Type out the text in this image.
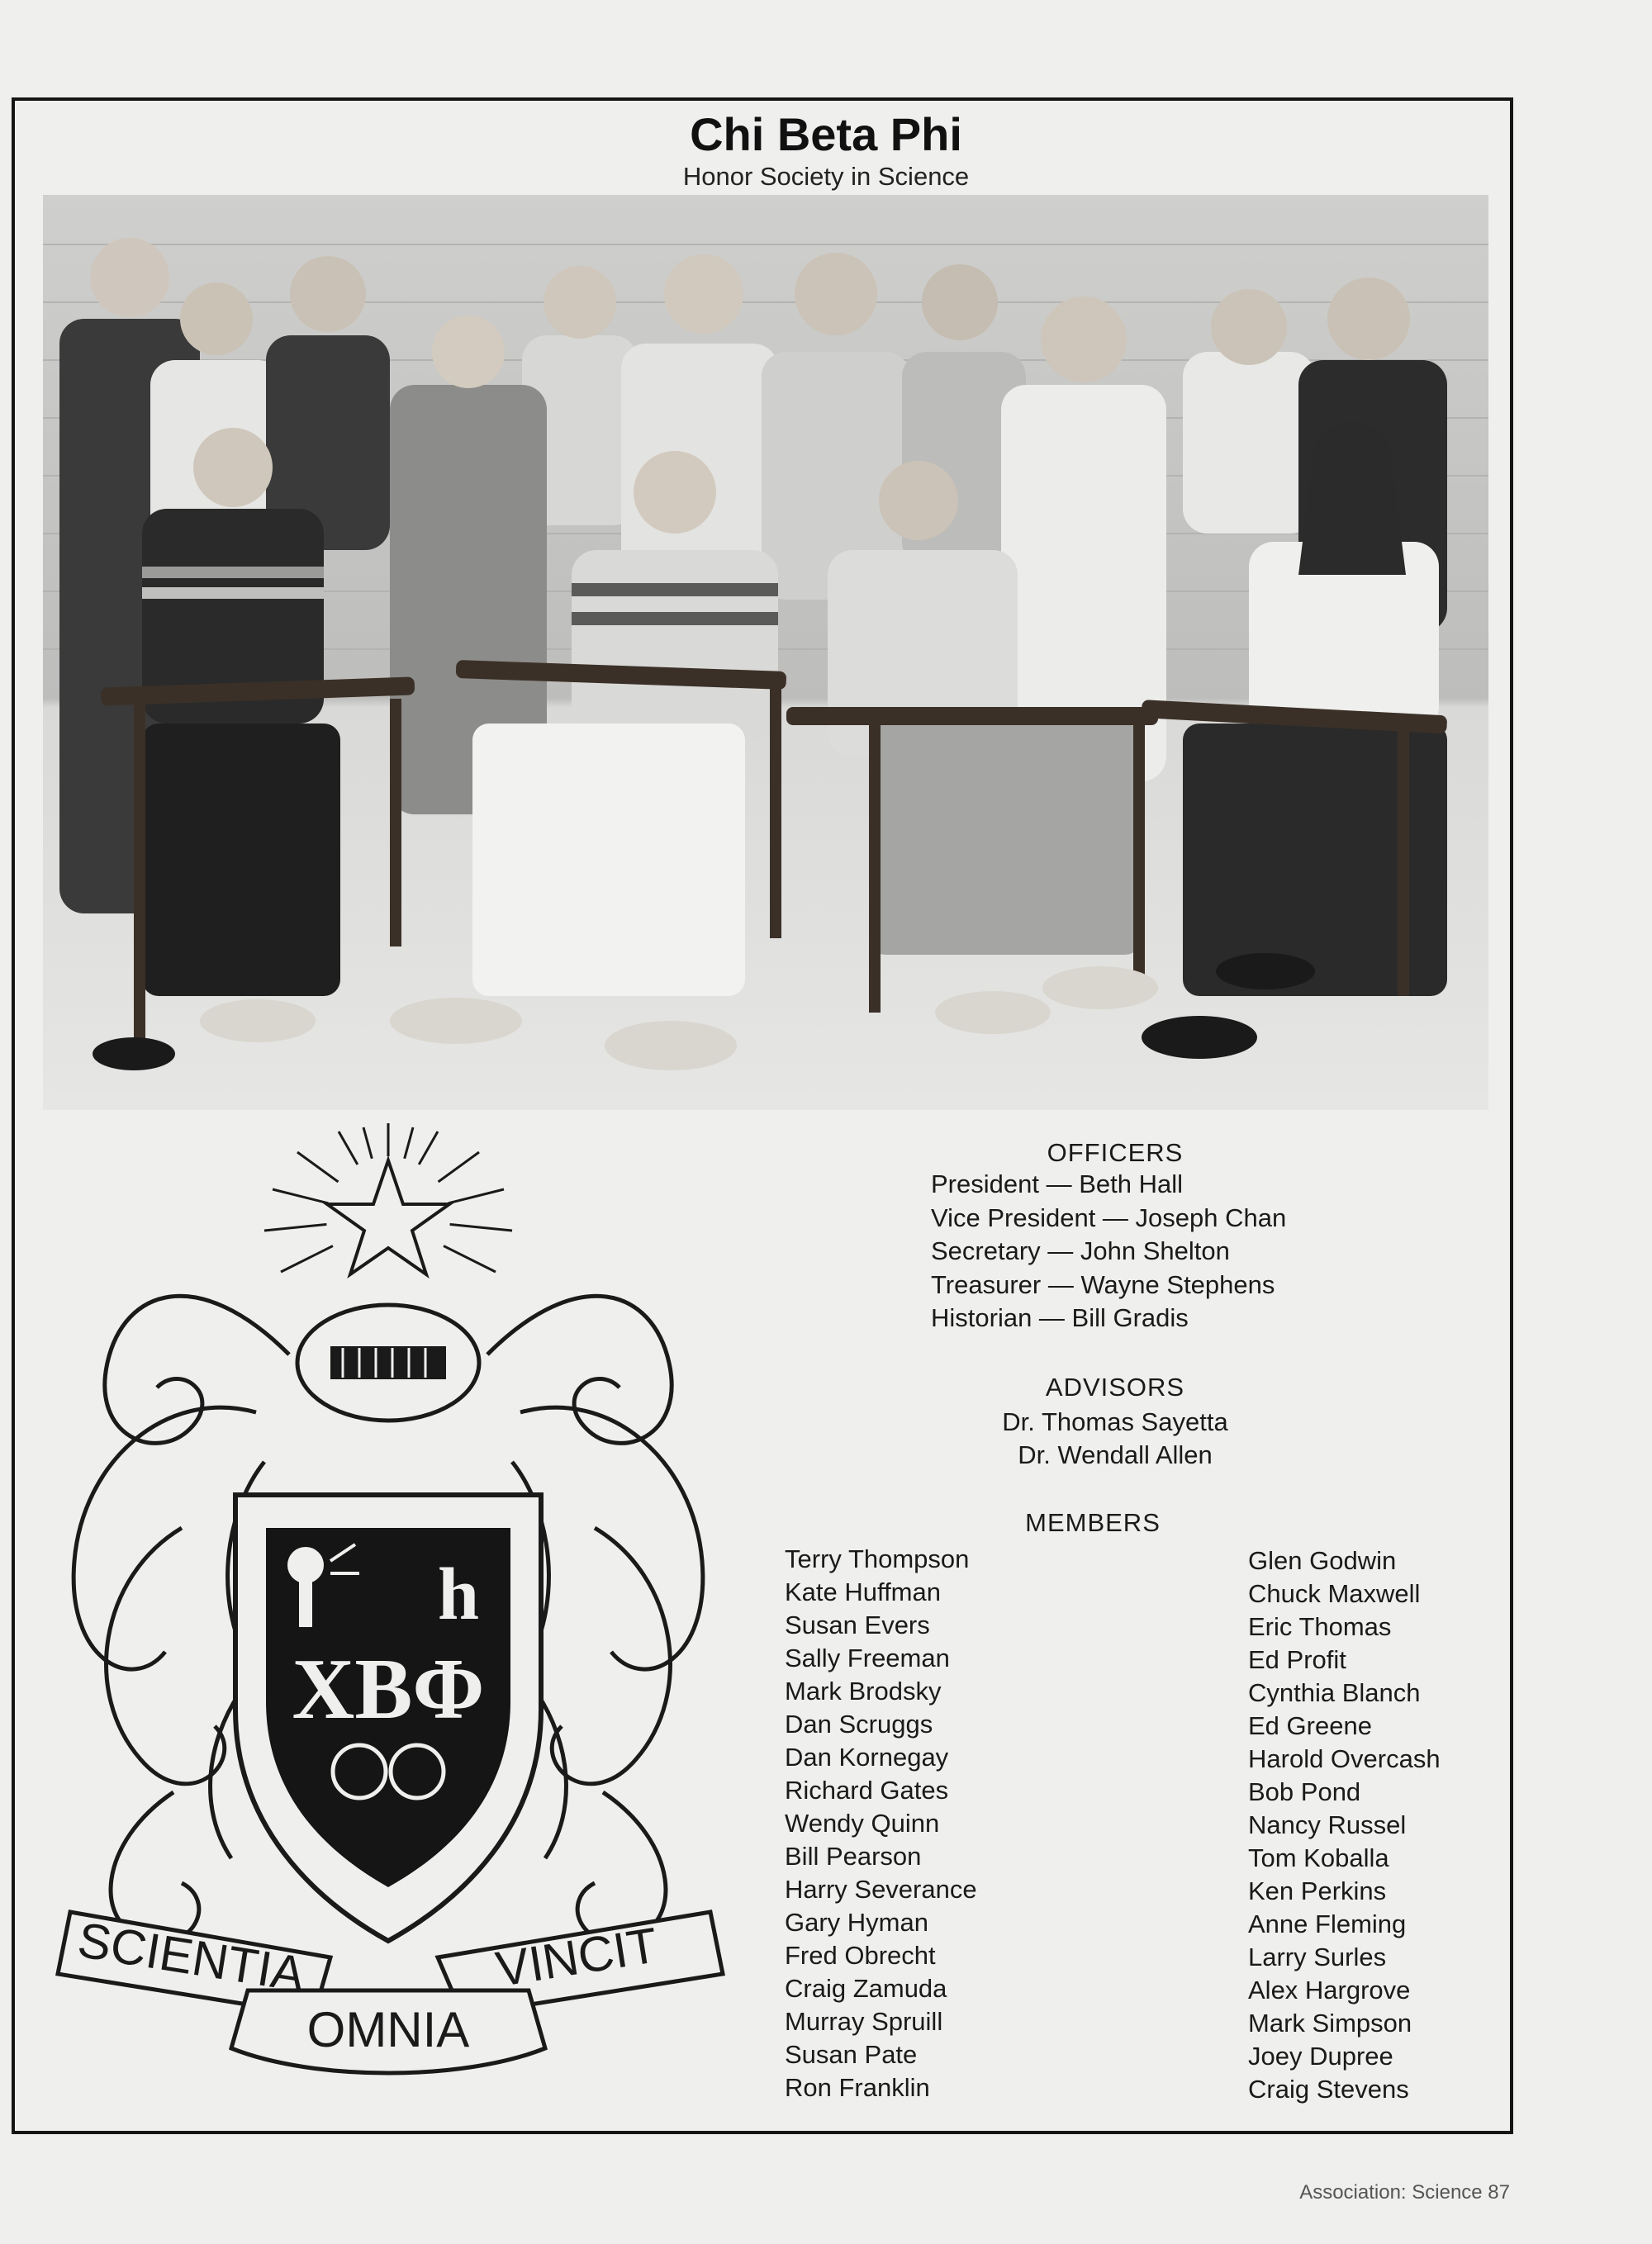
Chi Beta Phi
Honor Society in Science
h
XBΦ
SCIENTIA	VINCIT
OMNIA
OFFICERS
President — Beth Hall
Vice President — Joseph Chan
Secretary — John Shelton
Treasurer — Wayne Stephens
Historian — Bill Gradis
ADVISORS
Dr. Thomas Sayetta
Dr. Wendall Allen
MEMBERS
Terry Thompson
Kate Huffman
Susan Evers
Sally Freeman
Mark Brodsky
Dan Scruggs
Dan Kornegay
Richard Gates
Wendy Quinn
Bill Pearson
Harry Severance
Gary Hyman
Fred Obrecht
Craig Zamuda
Murray Spruill
Susan Pate
Ron Franklin
Glen Godwin
Chuck Maxwell
Eric Thomas
Ed Profit
Cynthia Blanch
Ed Greene
Harold Overcash
Bob Pond
Nancy Russel
Tom Koballa
Ken Perkins
Anne Fleming
Larry Surles
Alex Hargrove
Mark Simpson
Joey Dupree
Craig Stevens
Association: Science 87
